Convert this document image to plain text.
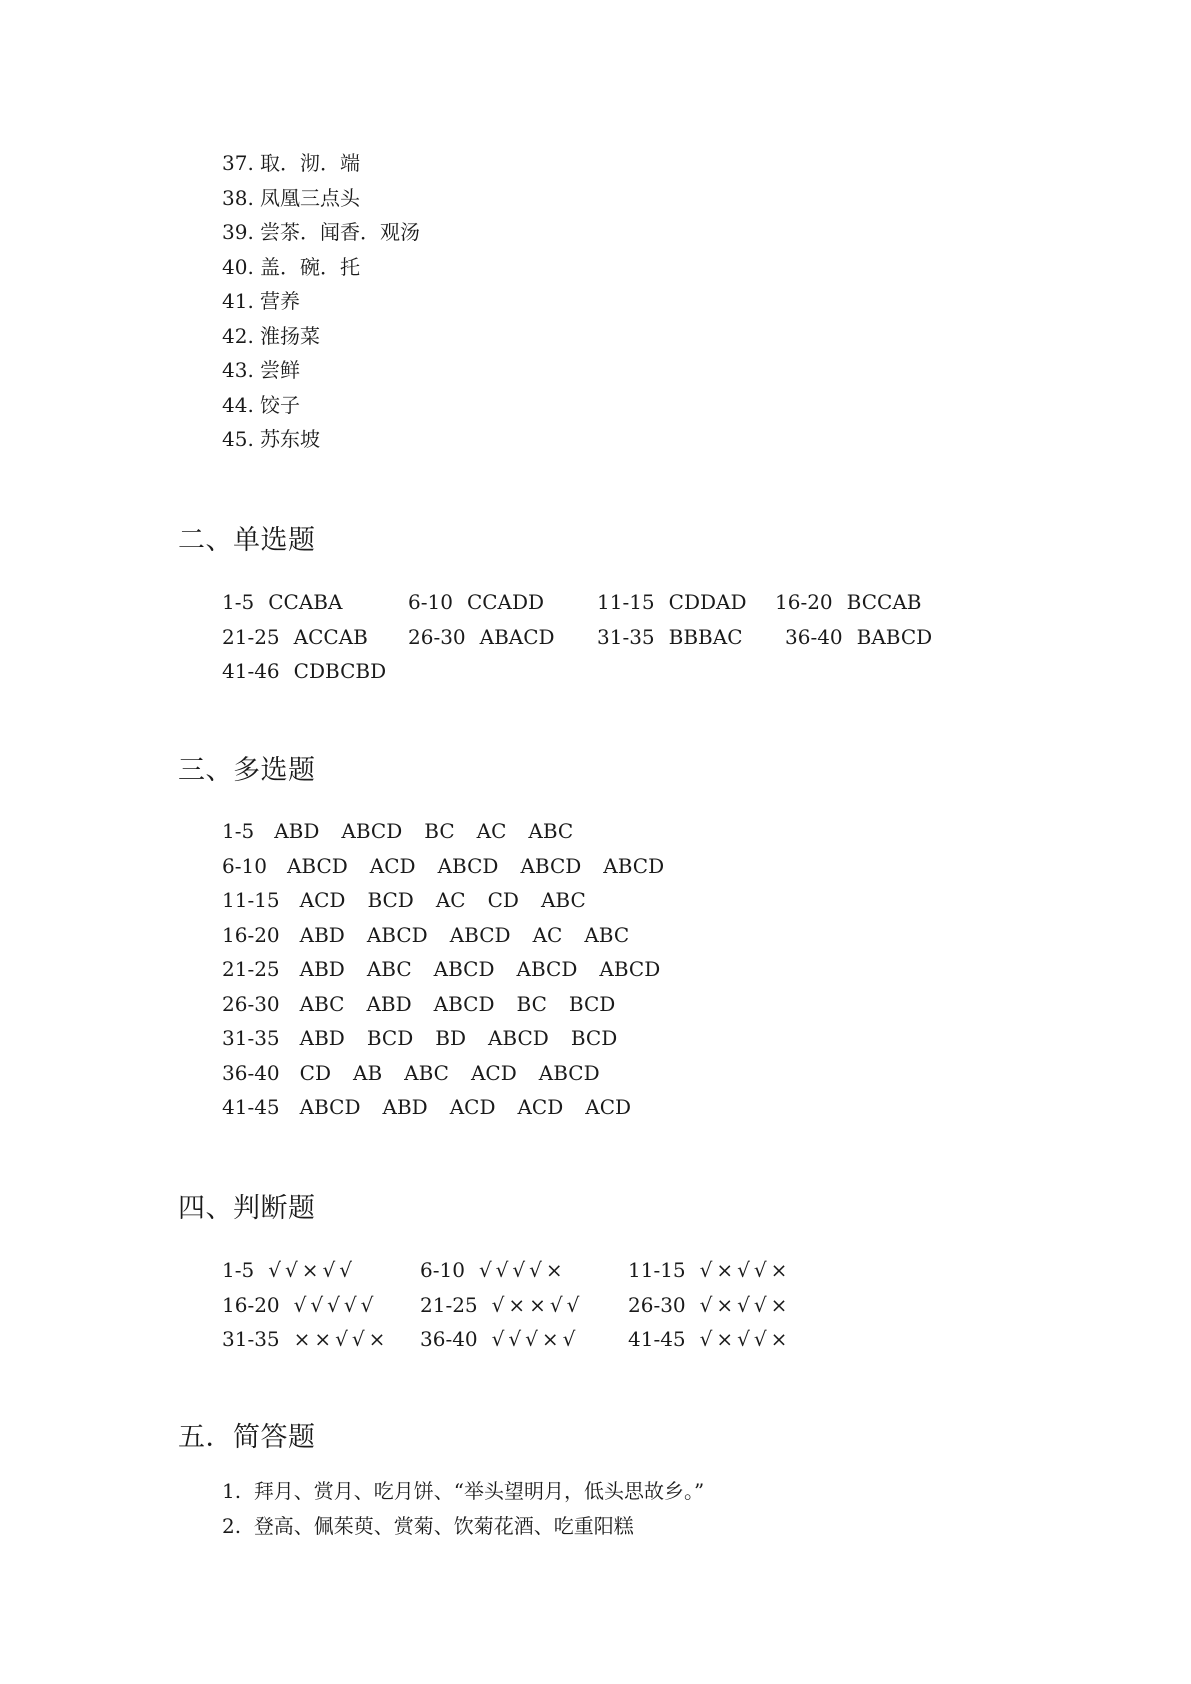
37. 取．沏．端
38. 凤凰三点头
39. 尝茶．闻香．观汤
40. 盖．碗．托
41. 营养
42. 淮扬菜
43. 尝鲜
44. 饺子
45. 苏东坡
二、单选题
1-5 CCABA	6-10 CCADD	11-15 CDDAD 16-20 BCCAB
21-25 ACCAB 26-30 ABACD 31-35 BBBAC 36-40 BABCD
41-46 CDBCBD
三、多选题
1-5 ABD ABCD BC AC ABC
6-10 ABCD ACD ABCD ABCD ABCD
11-15 ACD BCD AC CD ABC
16-20 ABD ABCD ABCD AC ABC
21-25 ABD ABC ABCD ABCD ABCD
26-30 ABC ABD ABCD BC BCD
31-35 ABD BCD BD ABCD BCD
36-40 CD AB ABC ACD ABCD
41-45 ABCD ABD ACD ACD ACD
四、判断题
1-5 √√×√√	6-10 √√√√×	11-15 √×√√×
16-20 √√√√√ 21-25 √××√√ 26-30 √×√√×
31-35 ××√√× 36-40 √√√×√ 41-45 √×√√×
五．简答题
1. 拜月、赏月、吃月饼、“举头望明月，低头思故乡。”
2. 登高、佩茱萸、赏菊、饮菊花酒、吃重阳糕
